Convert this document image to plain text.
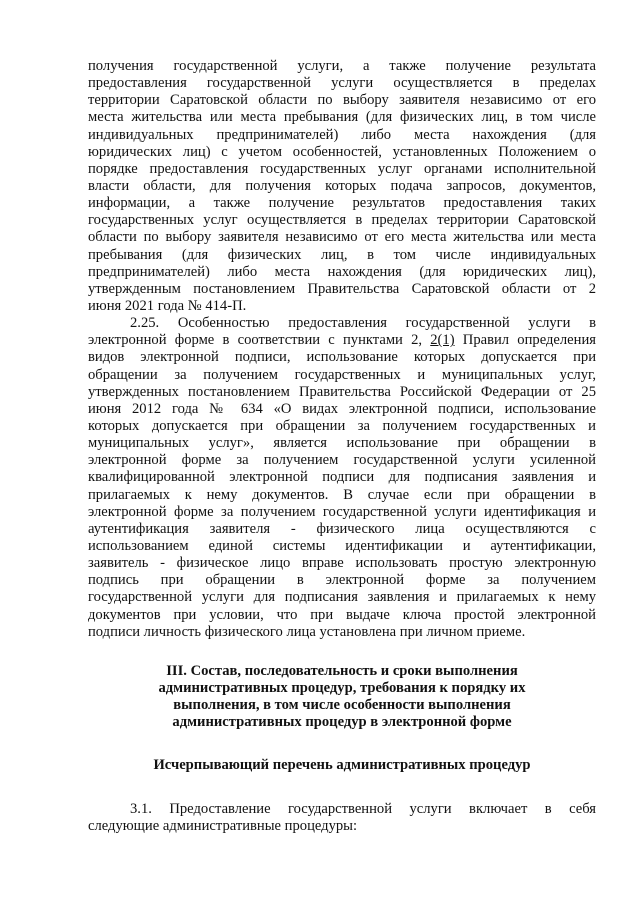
получения государственной услуги, а также получение результата
предоставления государственной услуги осуществляется в пределах
территории Саратовской области по выбору заявителя независимо от его
места жительства или места пребывания (для физических лиц, в том числе
индивидуальных предпринимателей) либо места нахождения (для
юридических лиц) с учетом особенностей, установленных Положением о
порядке предоставления государственных услуг органами исполнительной
власти области, для получения которых подача запросов, документов,
информации, а также получение результатов предоставления таких
государственных услуг осуществляется в пределах территории Саратовской
области по выбору заявителя независимо от его места жительства или места
пребывания (для физических лиц, в том числе индивидуальных
предпринимателей) либо места нахождения (для юридических лиц),
утвержденным постановлением Правительства Саратовской области от 2
июня 2021 года № 414-П.
2.25. Особенностью предоставления государственной услуги в
электронной форме в соответствии с пунктами 2, 2(1) Правил определения
видов электронной подписи, использование которых допускается при
обращении за получением государственных и муниципальных услуг,
утвержденных постановлением Правительства Российской Федерации от 25
июня 2012 года № 634 «О видах электронной подписи, использование
которых допускается при обращении за получением государственных и
муниципальных услуг», является использование при обращении в
электронной форме за получением государственной услуги усиленной
квалифицированной электронной подписи для подписания заявления и
прилагаемых к нему документов. В случае если при обращении в
электронной форме за получением государственной услуги идентификация и
аутентификация заявителя - физического лица осуществляются с
использованием единой системы идентификации и аутентификации,
заявитель - физическое лицо вправе использовать простую электронную
подпись при обращении в электронной форме за получением
государственной услуги для подписания заявления и прилагаемых к нему
документов при условии, что при выдаче ключа простой электронной
подписи личность физического лица установлена при личном приеме.
III. Состав, последовательность и сроки выполнения
административных процедур, требования к порядку их
выполнения, в том числе особенности выполнения
административных процедур в электронной форме
Исчерпывающий перечень административных процедур
3.1. Предоставление государственной услуги включает в себя
следующие административные процедуры:
